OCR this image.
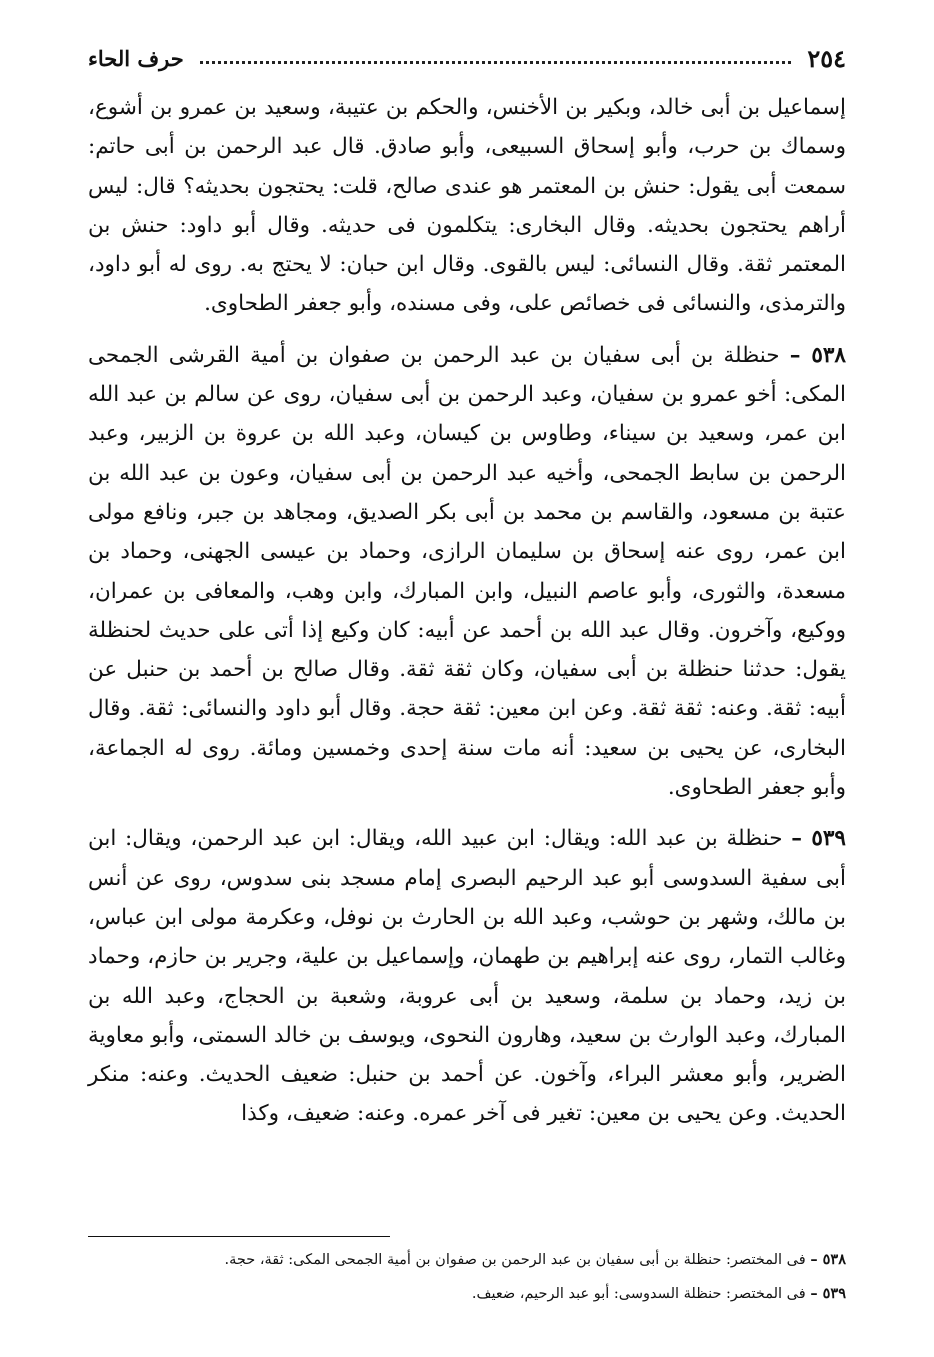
٢٥٤
حرف الحاء

إسماعيل بن أبى خالد، وبكير بن الأخنس، والحكم بن عتيبة، وسعيد بن عمرو بن أشوع، وسماك بن حرب، وأبو إسحاق السبيعى، وأبو صادق. قال عبد الرحمن بن أبى حاتم: سمعت أبى يقول: حنش بن المعتمر هو عندى صالح، قلت: يحتجون بحديثه؟ قال: ليس أراهم يحتجون بحديثه. وقال البخارى: يتكلمون فى حديثه. وقال أبو داود: حنش بن المعتمر ثقة. وقال النسائى: ليس بالقوى. وقال ابن حبان: لا يحتج به. روى له أبو داود، والترمذى، والنسائى فى خصائص على، وفى مسنده، وأبو جعفر الطحاوى.

٥٣٨ – حنظلة بن أبى سفيان بن عبد الرحمن بن صفوان بن أمية القرشى الجمحى المكى: أخو عمرو بن سفيان، وعبد الرحمن بن أبى سفيان، روى عن سالم بن عبد الله ابن عمر، وسعيد بن سيناء، وطاوس بن كيسان، وعبد الله بن عروة بن الزبير، وعبد الرحمن بن سابط الجمحى، وأخيه عبد الرحمن بن أبى سفيان، وعون بن عبد الله بن عتبة بن مسعود، والقاسم بن محمد بن أبى بكر الصديق، ومجاهد بن جبر، ونافع مولى ابن عمر، روى عنه إسحاق بن سليمان الرازى، وحماد بن عيسى الجهنى، وحماد بن مسعدة، والثورى، وأبو عاصم النبيل، وابن المبارك، وابن وهب، والمعافى بن عمران، ووكيع، وآخرون. وقال عبد الله بن أحمد عن أبيه: كان وكيع إذا أتى على حديث لحنظلة يقول: حدثنا حنظلة بن أبى سفيان، وكان ثقة ثقة. وقال صالح بن أحمد بن حنبل عن أبيه: ثقة. وعنه: ثقة ثقة. وعن ابن معين: ثقة حجة. وقال أبو داود والنسائى: ثقة. وقال البخارى، عن يحيى بن سعيد: أنه مات سنة إحدى وخمسين ومائة. روى له الجماعة، وأبو جعفر الطحاوى.

٥٣٩ – حنظلة بن عبد الله: ويقال: ابن عبيد الله، ويقال: ابن عبد الرحمن، ويقال: ابن أبى سفية السدوسى أبو عبد الرحيم البصرى إمام مسجد بنى سدوس، روى عن أنس بن مالك، وشهر بن حوشب، وعبد الله بن الحارث بن نوفل، وعكرمة مولى ابن عباس، وغالب التمار، روى عنه إبراهيم بن طهمان، وإسماعيل بن علية، وجرير بن حازم، وحماد بن زيد، وحماد بن سلمة، وسعيد بن أبى عروبة، وشعبة بن الحجاج، وعبد الله بن المبارك، وعبد الوارث بن سعيد، وهارون النحوى، ويوسف بن خالد السمتى، وأبو معاوية الضرير، وأبو معشر البراء، وآخون. عن أحمد بن حنبل: ضعيف الحديث. وعنه: منكر الحديث. وعن يحيى بن معين: تغير فى آخر عمره. وعنه: ضعيف، وكذا

٥٣٨ – فى المختصر: حنظلة بن أبى سفيان بن عبد الرحمن بن صفوان بن أمية الجمحى المكى: ثقة، حجة.

٥٣٩ – فى المختصر: حنظلة السدوسى: أبو عبد الرحيم، ضعيف.
